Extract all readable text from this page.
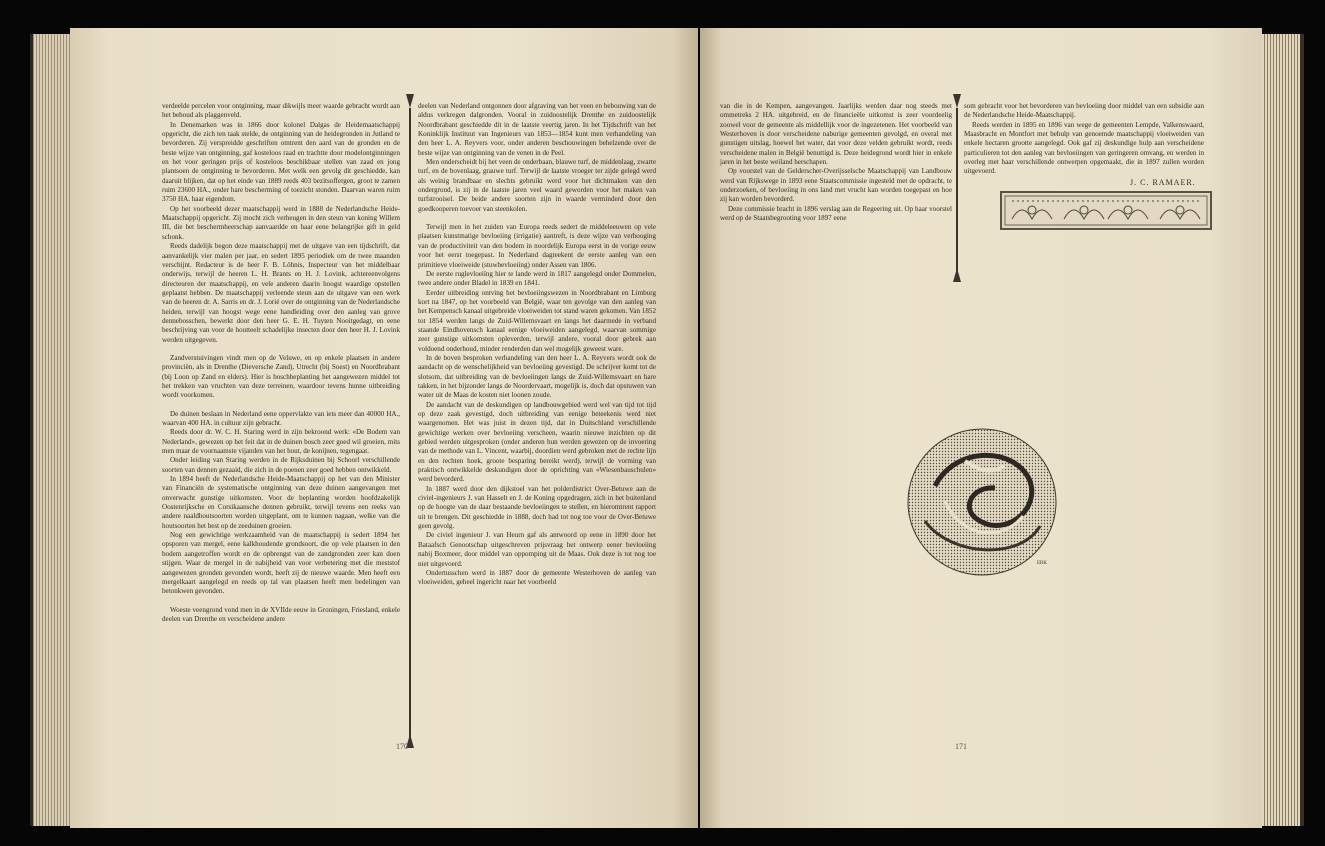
verdeelde percelen voor ontginning, maar dikwijls meer waarde gebracht wordt aan het behoud als plaggenveld.

In Denemarken was in 1866 door kolonel Dalgas de Heidemaatschappij opgericht, die zich ten taak stelde, de ontginning van de heidegronden in Jutland te bevorderen. Zij verspreidde geschriften omtrent den aard van de gronden en de beste wijze van ontginning, gaf kosteloos raad en trachtte door modelontginningen en het voor geringen prijs of kosteloos beschikbaar stellen van zaad en jong plantsoen de ontginning te bevorderen. Met welk een gevolg dit geschiedde, kan daaruit blijken, dat op het einde van 1889 reeds 403 bezitsoffergen, groot te zamen ruim 23600 HA., onder hare bescherming of toezicht stonden. Daarvan waren ruim 3750 HA. haar eigendom.

Op het voorbeeld dezer maatschappij werd in 1888 de Nederlandsche Heide-Maatschappij opgericht. Zij mocht zich verheugen in den steun van koning Willem III, die het beschermheerschap aanvaardde en haar eene belangrijke gift in geld schonk.

Reeds dadelijk begon deze maatschappij met de uitgave van een tijdschrift, dat aanvankelijk vier malen per jaar, en sedert 1895 periodiek om de twee maanden verschijnt. Redacteur is de heer F. B. Löhnis, Inspecteur van het middelbaar onderwijs, terwijl de heeren L. H. Brants en H. J. Lovink, achtereenvolgens directeuren der maatschappij, en vele anderen daarin hoogst waardige opstellen geplaatst hebben. De maatschappij verleende steun aan de uitgave van een werk van de heeren dr. A. Sarris en dr. J. Lorié over de ontginning van de Nederlandsche heiden, terwijl van hoogst wege eene handleiding over den aanleg van grove dennebosschen, bewerkt door den heer G. E. H. Tuyten Nooitgedagt, en eene beschrijving van voor de houtteelt schadelijke insecten door den heer H. J. Lovink werden uitgegeven.

Zandverstuivingen vindt men op de Veluwe, en op enkele plaatsen in andere provinciën, als in Drenthe (Dieversche Zand), Utrecht (bij Soest) en Noordbrabant (bij Loon op Zand en elders). Hier is boschbeplanting het aangewezen middel tot het trekken van vruchten van deze terreinen, waardoor tevens hunne uitbreiding wordt voorkomen.

De duinen beslaan in Nederland eene oppervlakte van iets meer dan 40000 HA., waarvan 400 HA. in cultuur zijn gebracht.

Reeds door dr. W. C. H. Staring werd in zijn bekroond werk: «De Bodem van Nederland», gewezen op het feit dat in de duinen bosch zeer goed wil groeien, mits men maar de voornaamste vijanden van het hout, de konijnen, tegengaat.

Onder leiding van Staring werden in de Rijksduinen bij Schoorl verschillende soorten van dennen gezaaid, die zich in de poenen zeer goed hebben ontwikkeld.

In 1894 heeft de Nederlandsche Heide-Maatschappij op het van den Minister van Financiën de systematische ontginning van deze duinen aangevangen met onverwacht gunstige uitkomsten. Voor de beplanting worden hoofdzakelijk Oostenrijksche en Corsikaansche dennen gebruikt, terwijl tevens een reeks van andere naaldhoutsoorten worden uitgeplant, om te kunnen nagaan, welke van die houtsoorten het best op de zeeduinen groeien.

Nog een gewichtige werkzaamheid van de maatschappij is sedert 1894 het opsporen van mergel, eene kalkhoudende grondsoort, die op vele plaatsen in den bodem aangetroffen wordt en de opbrengst van de zandgronden zeer kan doen stijgen. Waar de mergel in de nabijheid van voor verbetering met die meststof aangewezen gronden gevonden wordt, heeft zij de nieuwe waarde. Men heeft een mergelkaart aangelegd en reeds op tal van plaatsen heeft men bedelingen van betonkwen gevonden.

Woeste veengrond vond men in de XVIIde eeuw in Groningen, Friesland, enkele deelen van Drenthe en verscheidene andere

deelen van Nederland ontgonnen door afgraving van het veen en bebouwing van de aldus verkregen dalgronden. Vooral in zuidoostelijk Drenthe en zuidoostelijk Noordbrabant geschiedde dit in de laatste veertig jaren. In het Tijdschrift van het Koninklijk Instituut van Ingenieurs van 1853—1854 kunt men verhandeling van den heer L. A. Reyvers voor, onder anderen beschouwingen behelzende over de beste wijze van ontginning van de venen in de Peel.

Men onderscheidt bij het veen de onderbaan, blauwe turf, de middenlaag, zwarte turf, en de bovenlaag, grauwe turf. Terwijl de laatste vroeger ter zijde gelegd werd als weinig brandbaar en slechts gebruikt werd voor het dichtmaken van den ondergrond, is zij in de laatste jaren veel waard geworden voor het maken van turfstrooisel. De beide andere soorten zijn in waarde verminderd door den goedkooperen toevoer van steenkolen.

Terwijl men in het zuiden van Europa reeds sedert de middeleeuwen op vele plaatsen kunstmatige bevloeiing (irrigatie) aantreft, is deze wijze van verhooging van de productiviteit van den bodem in noordelijk Europa eerst in de vorige eeuw voor het eerst toegepast. In Nederland dagteekent de eerste aanleg van een primitieve vloeiweide (stuwbevloeiing) onder Assen van 1806.

De eerste ruglevloeiïng hier te lande werd in 1817 aangelegd onder Dommelen, twee andere onder Bladel in 1839 en 1841.

Eerder uitbreiding ontving het bevloeiingswezen in Noordbrabant en Limburg kort na 1847, op het voorbeeld van België, waar ten gevolge van den aanleg van het Kempensch kanaal uitgebreide vloeiweiden tot stand waren gekomen. Van 1852 tot 1854 werden langs de Zuid-Willemsvaart en langs het daarmede in verband staande Eindhovensch kanaal eenige vloeiweiden aangelegd, waarvan sommige zeer gunstige uitkomsten opleverden, terwijl andere, vooral door gebrek aan voldoend onderhoud, minder renderden dan wel mogelijk geweest ware.

In de boven besproken verhandeling van den heer L. A. Reyvers wordt ook de aandacht op de wenschelijkheid van bevloeiing gevestigd. De schrijver komt tot de slotsom, dat uitbreiding van de bevloeiingen langs de Zuid-Willemsvaart en hare takken, in het bijzonder langs de Noordervaart, mogelijk is, doch dat opstuwen van water uit de Maas de kosten niet loonen zoude.

De aandacht van de deskundigen op landbouwgebied werd wel van tijd tot tijd op deze zaak gevestigd, doch uitbreiding van eenige beteekenis werd niet waargenomen. Het was juist in dezen tijd, dat in Duitschland verschillende gewichtige werken over bevloeiing verscheen, waarin nieuwe inzichten op dit gebied werden uitgesproken (onder anderen hun werden gewezen op de invoering van de methode van L. Vincent, waarbij, doordien werd gebroken met de rechte lijn en den rechten hoek, groote besparing bereikt werd), terwijl de vorming van praktisch ontwikkelde deskundigen door de oprichting van «Wiesenbauschulen» werd bevorderd.

In 1887 werd door den dijkstoel van het polderdistrict Over-Betuwe aan de civiel-ingenieurs J. van Hasselt en J. de Koning opgedragen, zich in het buitenland op de hoogte van de daar bestaande bevloeiingen te stellen, en hieromtrent rapport uit te brengen. Dit geschiedde in 1888, doch had tot nog toe voor de Over-Betuwe geen gevolg.

De civiel ingenieur J. van Heurn gaf als antwoord op eene in 1890 door het Bataafsch Genootschap uitgeschreven prijsvraag het ontwerp eener bevloeiing nabij Boxmeer, door middel van oppomping uit de Maas. Ook deze is tot nog toe niet uitgevoerd.

Ondertusschen werd in 1887 door de gemeente Westerhoven de aanleg van vloeiweiden, geheel ingericht naar het voorbeeld

170

van die in de Kempen, aangevangen. Jaarlijks werden daar nog steeds met ommetreks 2 HA. uitgebreid, en de financieële uitkomst is zeer voordeelig zoowel voor de gemeente als middellijk voor de ingezetenen. Het voorbeeld van Westerhoven is door verscheidene naburige gemeenten gevolgd, en overal met gunstigen uitslag, hoewel het water, dat voor deze velden gebruikt wordt, reeds verscheidene malen in België benuttigd is. Deze heidegrond wordt hier in enkele jaren in het beste weiland herschapen.

Op voorstel van de Gelderscher-Overijsselsche Maatschappij van Landbouw werd van Rijkswege in 1893 eene Staatscommissie ingesteld met de opdracht, te onderzoeken, of bevloeiing in ons land met vrucht kan worden toegepast en hoe zij kan worden bevorderd.

Deze commissie bracht in 1896 verslag aan de Regeering uit. Op haar voorstel werd op de Staatsbegrooting voor 1897 eene

som gebracht voor het bevorderen van bevloeiing door middel van een subsidie aan de Nederlandsche Heide-Maatschappij.

Reeds werden in 1895 en 1896 van wege de gemeenten Lempde, Valkenswaard, Maasbracht en Montfort met behulp van genoemde maatschappij vloeiweiden van enkele hectaren grootte aangelegd. Ook gaf zij deskundige hulp aan verscheidene particulieren tot den aanleg van bevloeiingen van geringeren omvang, en werden in overleg met haar verschillende ontwerpen opgemaakt, die in 1897 zullen worden uitgevoerd.

J. C. RAMAER.
ERK
171
